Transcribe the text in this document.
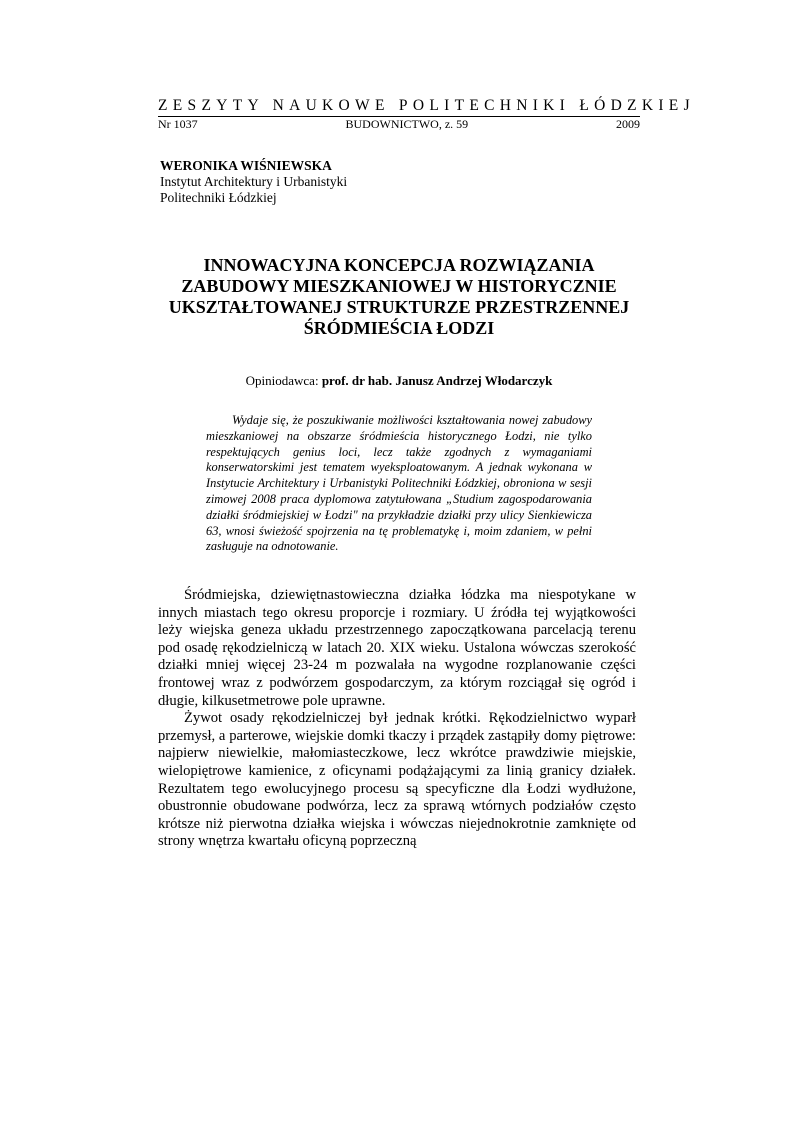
ZESZYTY NAUKOWE POLITECHNIKI ŁÓDZKIEJ
Nr 1037	BUDOWNICTWO, z. 59	2009
WERONIKA WIŚNIEWSKA
Instytut Architektury i Urbanistyki
Politechniki Łódzkiej
INNOWACYJNA KONCEPCJA ROZWIĄZANIA
ZABUDOWY MIESZKANIOWEJ W HISTORYCZNIE
UKSZTAŁTOWANEJ STRUKTURZE PRZESTRZENNEJ
ŚRÓDMIEŚCIA ŁODZI
Opiniodawca: prof. dr hab. Janusz Andrzej Włodarczyk

Wydaje się, że poszukiwanie możliwości kształtowania nowej zabudowy mieszkaniowej na obszarze śródmieścia historycznego Łodzi, nie tylko respektujących genius loci, lecz także zgodnych z wymaganiami konserwatorskimi jest tematem wyeksploatowanym. A jednak wykonana w Instytucie Architektury i Urbanistyki Politechniki Łódzkiej, obroniona w sesji zimowej 2008 praca dyplomowa zatytułowana „Studium zagospodarowania działki śródmiejskiej w Łodzi" na przykładzie działki przy ulicy Sienkiewicza 63, wnosi świeżość spojrzenia na tę problematykę i, moim zdaniem, w pełni zasługuje na odnotowanie.

Śródmiejska, dziewiętnastowieczna działka łódzka ma niespotykane w innych miastach tego okresu proporcje i rozmiary. U źródła tej wyjątkowości leży wiejska geneza układu przestrzennego zapoczątkowana parcelacją terenu pod osadę rękodzielniczą w latach 20. XIX wieku. Ustalona wówczas szerokość działki mniej więcej 23-24 m pozwalała na wygodne rozplanowanie części frontowej wraz z podwórzem gospodarczym, za którym rozciągał się ogród i długie, kilkusetmetrowe pole uprawne.

Żywot osady rękodzielniczej był jednak krótki. Rękodzielnictwo wyparł przemysł, a parterowe, wiejskie domki tkaczy i prządek zastąpiły domy piętrowe: najpierw niewielkie, małomiasteczkowe, lecz wkrótce prawdziwie miejskie, wielopiętrowe kamienice, z oficynami podążającymi za linią granicy działek. Rezultatem tego ewolucyjnego procesu są specyficzne dla Łodzi wydłużone, obustronnie obudowane podwórza, lecz za sprawą wtórnych podziałów często krótsze niż pierwotna działka wiejska i wówczas niejednokrotnie zamknięte od strony wnętrza kwartału oficyną poprzeczną
